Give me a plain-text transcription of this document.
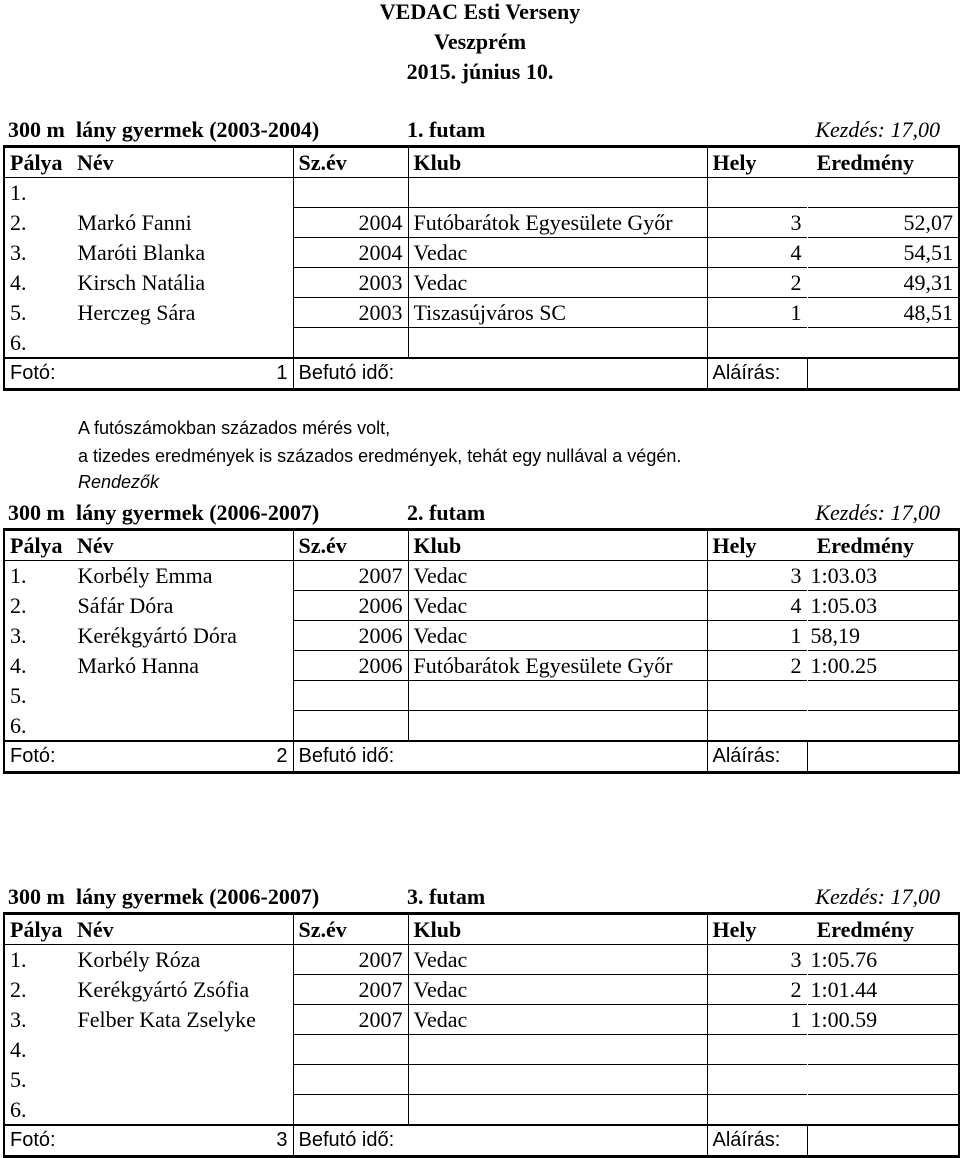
VEDAC Esti Verseny
Veszprém
2015. június 10.
A futószámokban százados mérés volt,
a tizedes eredmények is százados eredmények, tehát egy nullával a végén.
Rendezők
300 m lány gyermek (2003-2004)	1. futam	Kezdés: 17,00
Pálya	Név	Sz.év	Klub	Hely	Eredmény
1.					
2.	Markó Fanni	2004	Futóbarátok Egyesülete Győr	3	52,07
3.	Maróti Blanka	2004	Vedac	4	54,51
4.	Kirsch Natália	2003	Vedac	2	49,31
5.	Herczeg Sára	2003	Tiszasújváros SC	1	48,51
6.					
Fotó:	1	Befutó idő:		Aláírás:	
300 m lány gyermek (2006-2007)	2. futam	Kezdés: 17,00
Pálya	Név	Sz.év	Klub	Hely	Eredmény
1.	Korbély Emma	2007	Vedac	3	1:03.03
2.	Sáfár Dóra	2006	Vedac	4	1:05.03
3.	Kerékgyártó Dóra	2006	Vedac	1	58,19
4.	Markó Hanna	2006	Futóbarátok Egyesülete Győr	2	1:00.25
5.					
6.					
Fotó:	2	Befutó idő:		Aláírás:	
300 m lány gyermek (2006-2007)	3. futam	Kezdés: 17,00
Pálya	Név	Sz.év	Klub	Hely	Eredmény
1.	Korbély Róza	2007	Vedac	3	1:05.76
2.	Kerékgyártó Zsófia	2007	Vedac	2	1:01.44
3.	Felber Kata Zselyke	2007	Vedac	1	1:00.59
4.					
5.					
6.					
Fotó:	3	Befutó idő:		Aláírás:	
